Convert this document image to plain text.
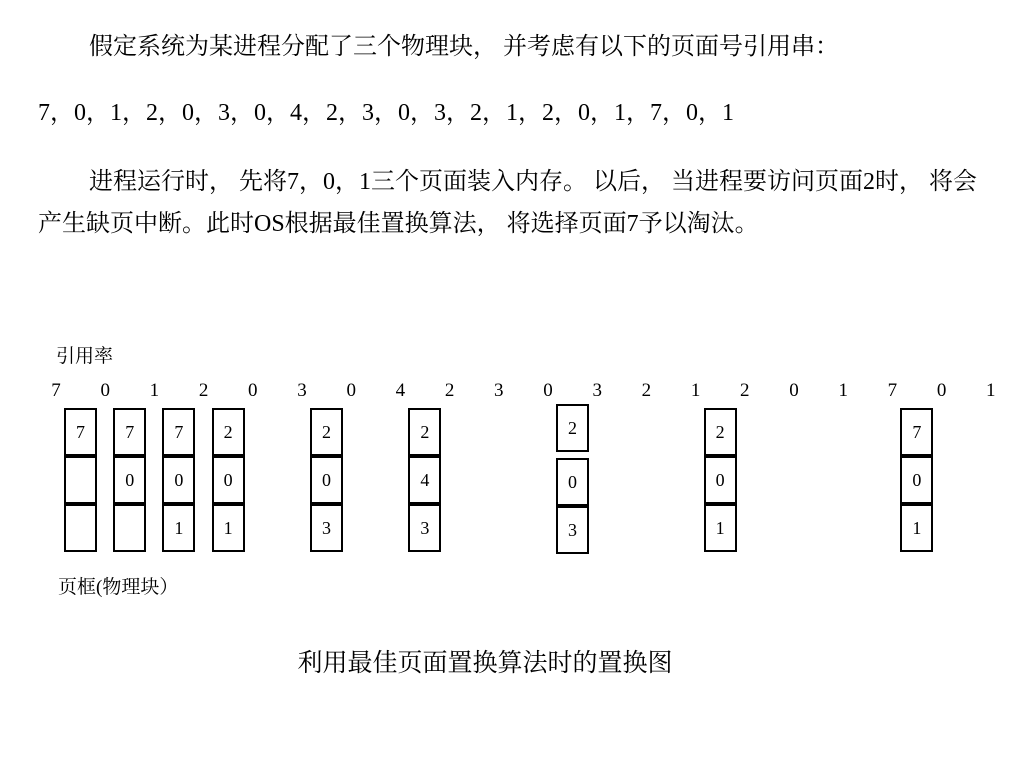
假定系统为某进程分配了三个物理块， 并考虑有以下的页面号引用串：

7，0，1，2，0，3，0，4，2，3，0，3，2，1，2，0，1，7，0，1

进程运行时， 先将7，0，1三个页面装入内存。 以后， 当进程要访问页面2时， 将会产生缺页中断。此时OS根据最佳置换算法， 将选择页面7予以淘汰。

引用率
7 0 1 2 0 3 0 4 2 3 0 3 2 1 2 0 1 7 0 1
7	7
0
7
0
1
2
0
1
2
0
3
2
4
3
2
0
3
2
0
1
7
0
1
页框(物理块）
利用最佳页面置换算法时的置换图
